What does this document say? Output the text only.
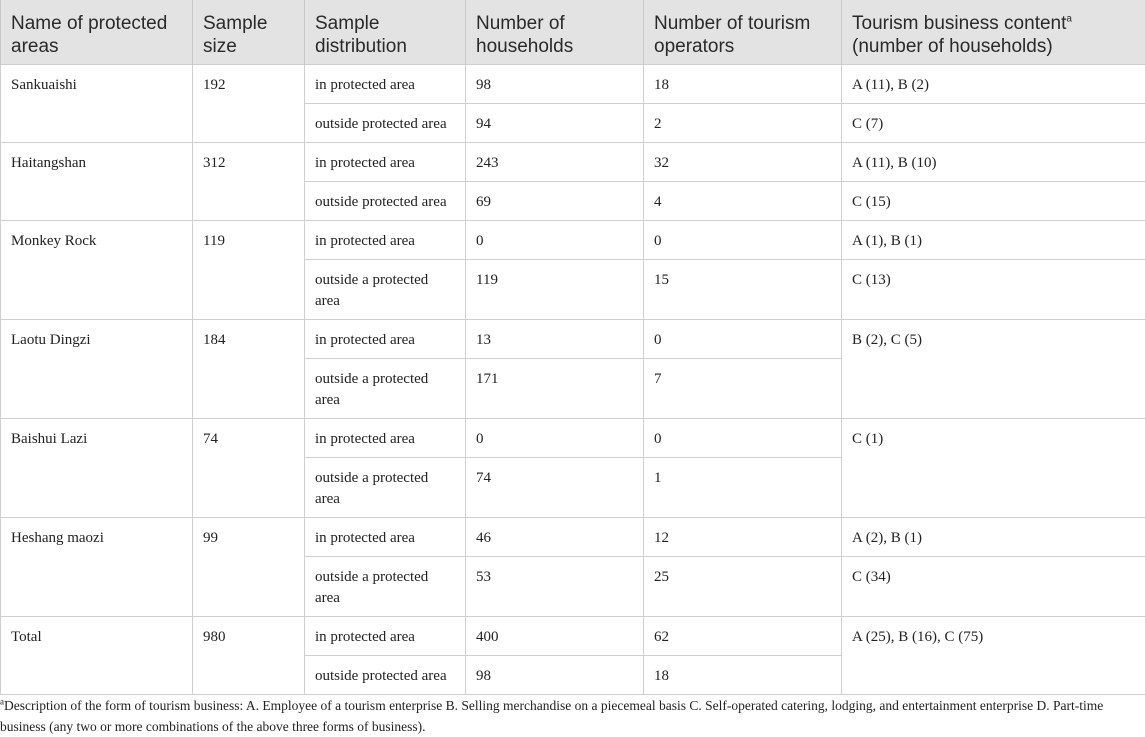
Name of protected areas	Sample size	Sample distribution	Number of households	Number of tourism operators	Tourism business content$^a$
(number of households)
Sankuaishi	192	in protected area	98	18	A (11), B (2)
		outside protected area	94	2	C (7)
Haitangshan	312	in protected area	243	32	A (11), B (10)
		outside protected area	69	4	C (15)
Monkey Rock	119	in protected area	0	0	A (1), B (1)
		outside a protected area	119	15	C (13)
Laotu Dingzi	184	in protected area	13	0	B (2), C (5)
		outside a protected area	171	7	
Baishui Lazi	74	in protected area	0	0	C (1)
		outside a protected area	74	1	
Heshang maozi	99	in protected area	46	12	A (2), B (1)
		outside a protected area	53	25	C (34)
Total	980	in protected area	400	62	A (25), B (16), C (75)
		outside protected area	98	18	

$^a$Description of the form of tourism business: A. Employee of a tourism enterprise B. Selling merchandise on a piecemeal basis C. Self-operated catering, lodging, and entertainment enterprise D. Part-time business (any two or more combinations of the above three forms of business).
